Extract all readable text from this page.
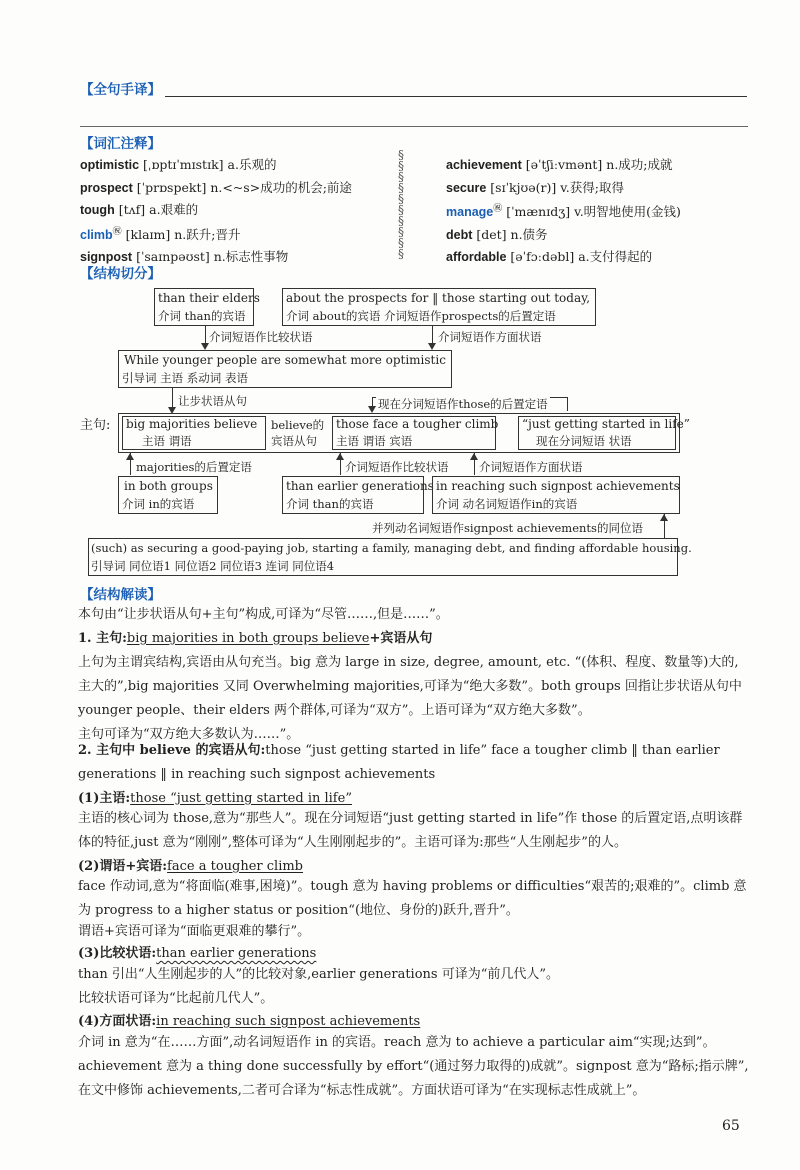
【全句手译】
【词汇注释】
optimistic [ˌɒptɪˈmɪstɪk] a.乐观的
prospect [ˈprɒspekt] n.<~s>成功的机会;前途
tough [tʌf] a.艰难的
climb㊗ [klaɪm] n.跃升;晋升
signpost [ˈsaɪnpəʊst] n.标志性事物
§
§
§
§
§
§
§
§
§
§
achievement [əˈtʃiːvmənt] n.成功;成就
secure [sɪˈkjʊə(r)] v.获得;取得
manage㊗ [ˈmænɪdʒ] v.明智地使用(金钱)
debt [det] n.债务
affordable [əˈfɔːdəbl] a.支付得起的
【结构切分】
than their elders
介词 than的宾语
about the prospects for ‖ those starting out today,
介词 about的宾语 介词短语作prospects的后置定语
介词短语作比较状语	介词短语作方面状语
While younger people are somewhat more optimistic
引导词 主语 系动词 表语
让步状语从句	现在分词短语作those的后置定语
主句: big majorities believe
主语 谓语
believe的
宾语从句
those face a tougher climb
主语 谓语 宾语
“just getting started in life”
现在分词短语 状语
majorities的后置定语	介词短语作比较状语	介词短语作方面状语
in both groups
介词 in的宾语
than earlier generations
介词 than的宾语
in reaching such signpost achievements
介词 动名词短语作in的宾语
并列动名词短语作signpost achievements的同位语
(such) as securing a good-paying job, starting a family, managing debt, and finding affordable housing.
引导词 同位语1 同位语2 同位语3 连词 同位语4
【结构解读】
本句由“让步状语从句+主句”构成,可译为“尽管……,但是……”。
1. 主句:big majorities in both groups believe+宾语从句
上句为主谓宾结构,宾语由从句充当。big 意为 large in size, degree, amount, etc. “(体积、程度、数量等)大的,主大的”,big majorities 又同 Overwhelming majorities,可译为“绝大多数”。both groups 回指让步状语从句中 younger people、their elders 两个群体,可译为“双方”。上语可译为“双方绝大多数”。
主句可译为“双方绝大多数认为……”。
2. 主句中 believe 的宾语从句:those “just getting started in life” face a tougher climb ‖ than earlier generations ‖ in reaching such signpost achievements
(1)主语:those “just getting started in life”
主语的核心词为 those,意为“那些人”。现在分词短语“just getting started in life”作 those 的后置定语,点明该群体的特征,just 意为“刚刚”,整体可译为“人生刚刚起步的”。主语可译为:那些“人生刚起步”的人。
(2)谓语+宾语:face a tougher climb
face 作动词,意为“将面临(难事,困境)”。tough 意为 having problems or difficulties“艰苦的;艰难的”。climb 意为 progress to a higher status or position“(地位、身份的)跃升,晋升”。
谓语+宾语可译为“面临更艰难的攀行”。
(3)比较状语:than earlier generations
than 引出“人生刚起步的人”的比较对象,earlier generations 可译为“前几代人”。
比较状语可译为“比起前几代人”。
(4)方面状语:in reaching such signpost achievements
介词 in 意为“在……方面”,动名词短语作 in 的宾语。reach 意为 to achieve a particular aim“实现;达到”。achievement 意为 a thing done successfully by effort“(通过努力取得的)成就”。signpost 意为“路标;指示牌”,在文中修饰 achievements,二者可合译为“标志性成就”。方面状语可译为“在实现标志性成就上”。
65
